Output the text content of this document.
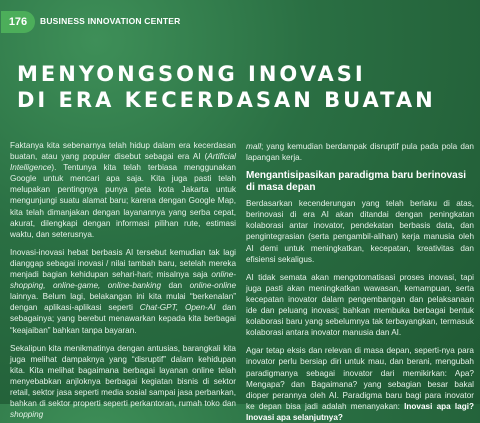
176	BUSINESS INNOVATION CENTER
MENYONGSONG INOVASI
DI ERA KECERDASAN BUATAN

Faktanya kita sebenarnya telah hidup dalam era kecerdasan buatan, atau yang populer disebut sebagai era AI (Artificial Intelligence). Tentunya kita telah terbiasa menggunakan Google untuk mencari apa saja. Kita juga pasti telah melupakan pentingnya punya peta kota Jakarta untuk mengunjungi suatu alamat baru; karena dengan Google Map, kita telah dimanjakan dengan layanannya yang serba cepat, akurat, dilengkapi dengan informasi pilihan rute, estimasi waktu, dan seterusnya.

Inovasi-inovasi hebat berbasis AI tersebut kemudian tak lagi dianggap sebagai inovasi / nilai tambah baru, setelah mereka menjadi bagian kehidupan sehari-hari; misalnya saja online-shopping, online-game, online-banking dan online-online lainnya. Belum lagi, belakangan ini kita mulai “berkenalan” dengan aplikasi-aplikasi seperti Chat-GPT, Open-AI dan sebagainya; yang berebut menawarkan kepada kita berbagai “keajaiban” bahkan tanpa bayaran.

Sekalipun kita menikmatinya dengan antusias, barangkali kita juga melihat dampaknya yang “disruptif” dalam kehidupan kita. Kita melihat bagaimana berbagai layanan online telah menyebabkan anjloknya berbagai kegiatan bisnis di sektor retail, sektor jasa seperti media sosial sampai jasa perbankan, bahkan di sektor properti seperti perkantoran, rumah toko dan shopping

mall; yang kemudian berdampak disruptif pula pada pola dan lapangan kerja.

Mengantisipasikan paradigma baru berinovasi di masa depan

Berdasarkan kecenderungan yang telah berlaku di atas, berinovasi di era AI akan ditandai dengan peningkatan kolaborasi antar inovator, pendekatan berbasis data, dan pengintegrasian (serta pengambil-alihan) kerja manusia oleh AI demi untuk meningkatkan, kecepatan, kreativitas dan efisiensi sekaligus.

AI tidak semata akan mengotomatisasi proses inovasi, tapi juga pasti akan meningkatkan wawasan, kemampuan, serta kecepatan inovator dalam pengembangan dan pelaksanaan ide dan peluang inovasi; bahkan membuka berbagai bentuk kolaborasi baru yang sebelumnya tak terbayangkan, termasuk kolaborasi antara inovator manusia dan AI.

Agar tetap eksis dan relevan di masa depan, seperti-nya para inovator perlu bersiap diri untuk mau, dan berani, mengubah paradigmanya sebagai inovator dari memikirkan: Apa? Mengapa? dan Bagaimana? yang sebagian besar bakal dioper perannya oleh AI. Paradigma baru bagi para inovator ke depan bisa jadi adalah menanyakan: Inovasi apa lagi? Inovasi apa selanjutnya?
